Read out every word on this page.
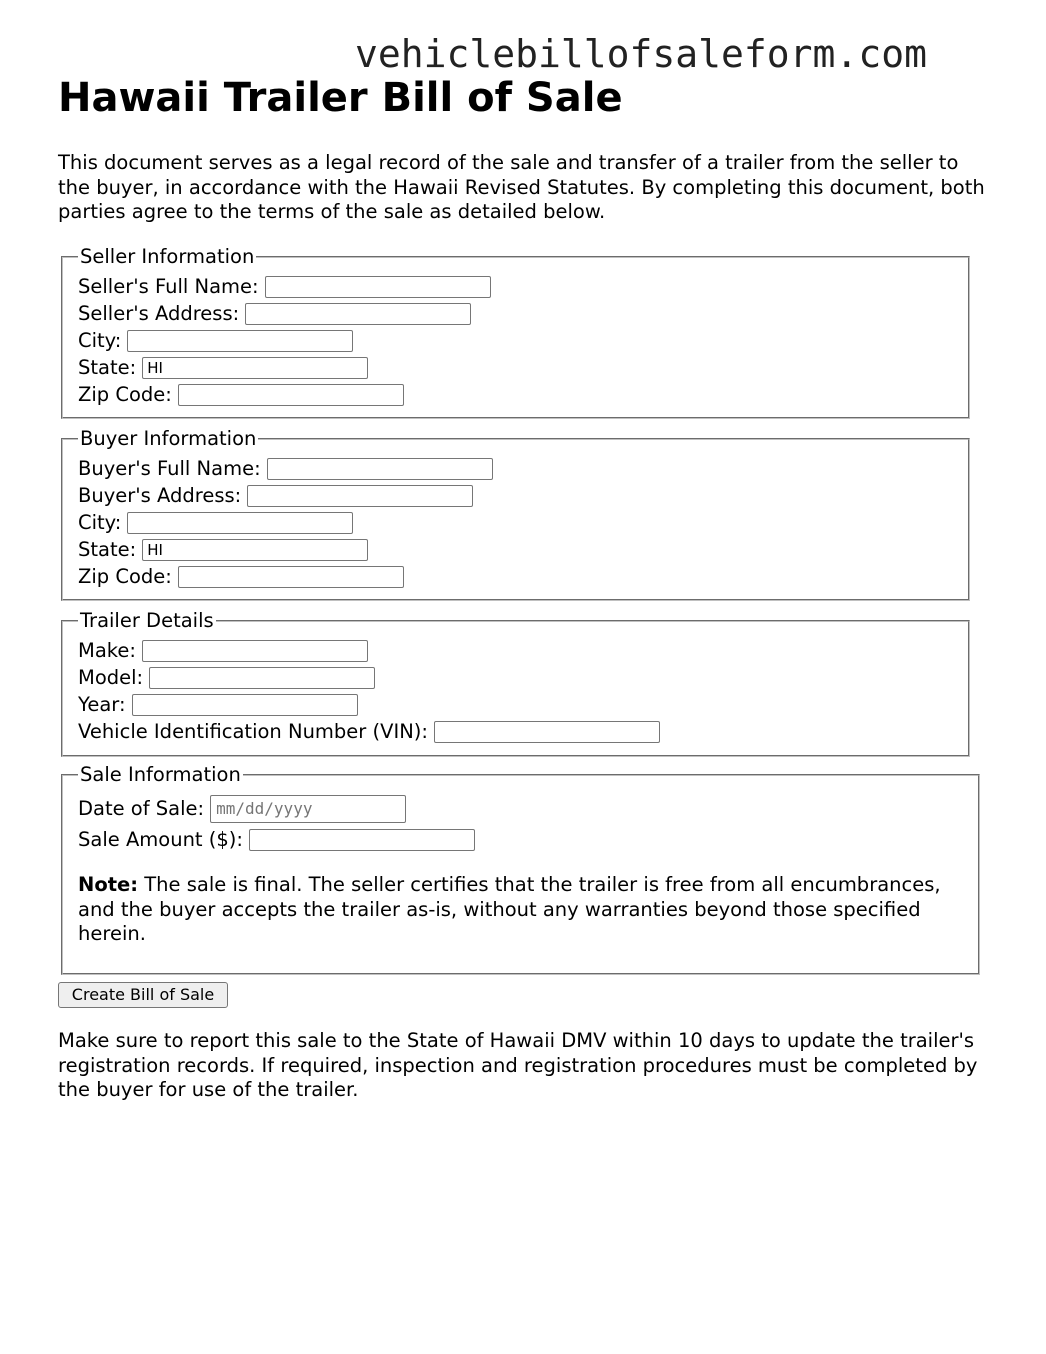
vehiclebillofsaleform.com
Hawaii Trailer Bill of Sale

This document serves as a legal record of the sale and transfer of a trailer from the seller to the buyer, in accordance with the Hawaii Revised Statutes. By completing this document, both parties agree to the terms of the sale as detailed below.

Seller Information
Seller's Full Name:
Seller's Address:
City:
State:
HI
Zip Code:
Buyer Information
Buyer's Full Name:
Buyer's Address:
City:
State:
HI
Zip Code:
Trailer Details
Make:
Model:
Year:
Vehicle Identification Number (VIN):
Sale Information
Date of Sale:
mm/dd/yyyy
Sale Amount ($):

Note: The sale is final. The seller certifies that the trailer is free from all encumbrances, and the buyer accepts the trailer as-is, without any warranties beyond those specified herein.

Create Bill of Sale

Make sure to report this sale to the State of Hawaii DMV within 10 days to update the trailer's registration records. If required, inspection and registration procedures must be completed by the buyer for use of the trailer.
